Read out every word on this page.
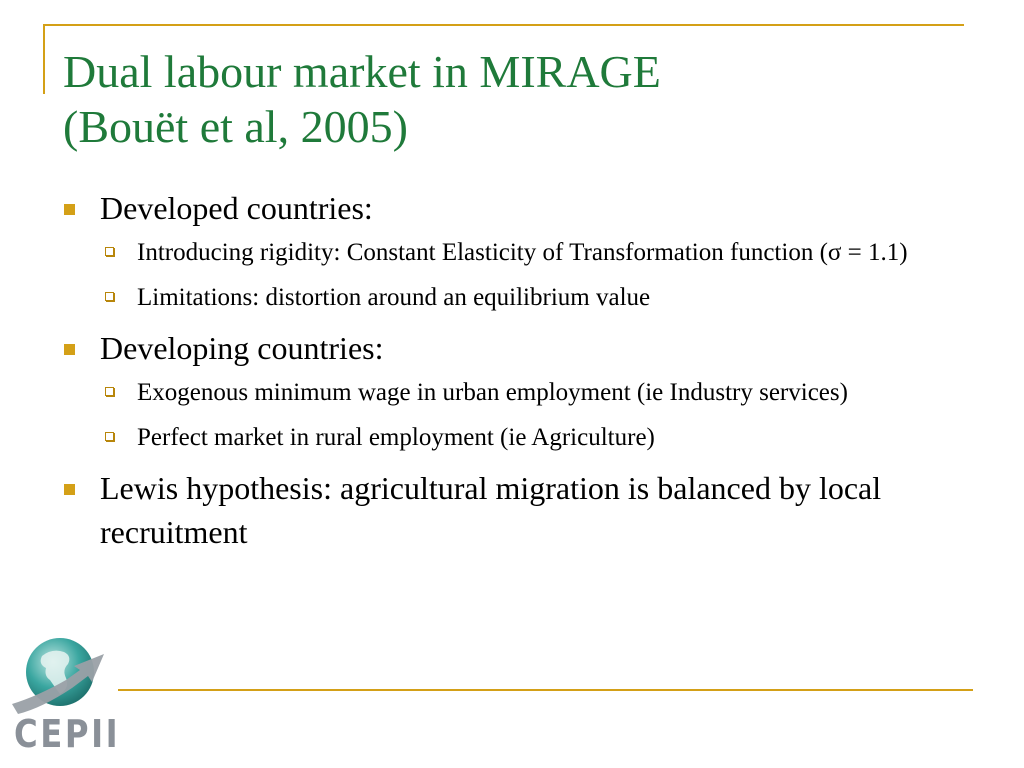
Dual labour market in MIRAGE
(Bouët et al, 2005)
Developed countries:
Introducing rigidity: Constant Elasticity of Transformation function (σ = 1.1)
Limitations: distortion around an equilibrium value
Developing countries:
Exogenous minimum wage in urban employment (ie Industry services)
Perfect market in rural employment (ie Agriculture)
Lewis hypothesis: agricultural migration is balanced by local recruitment
CEPII
